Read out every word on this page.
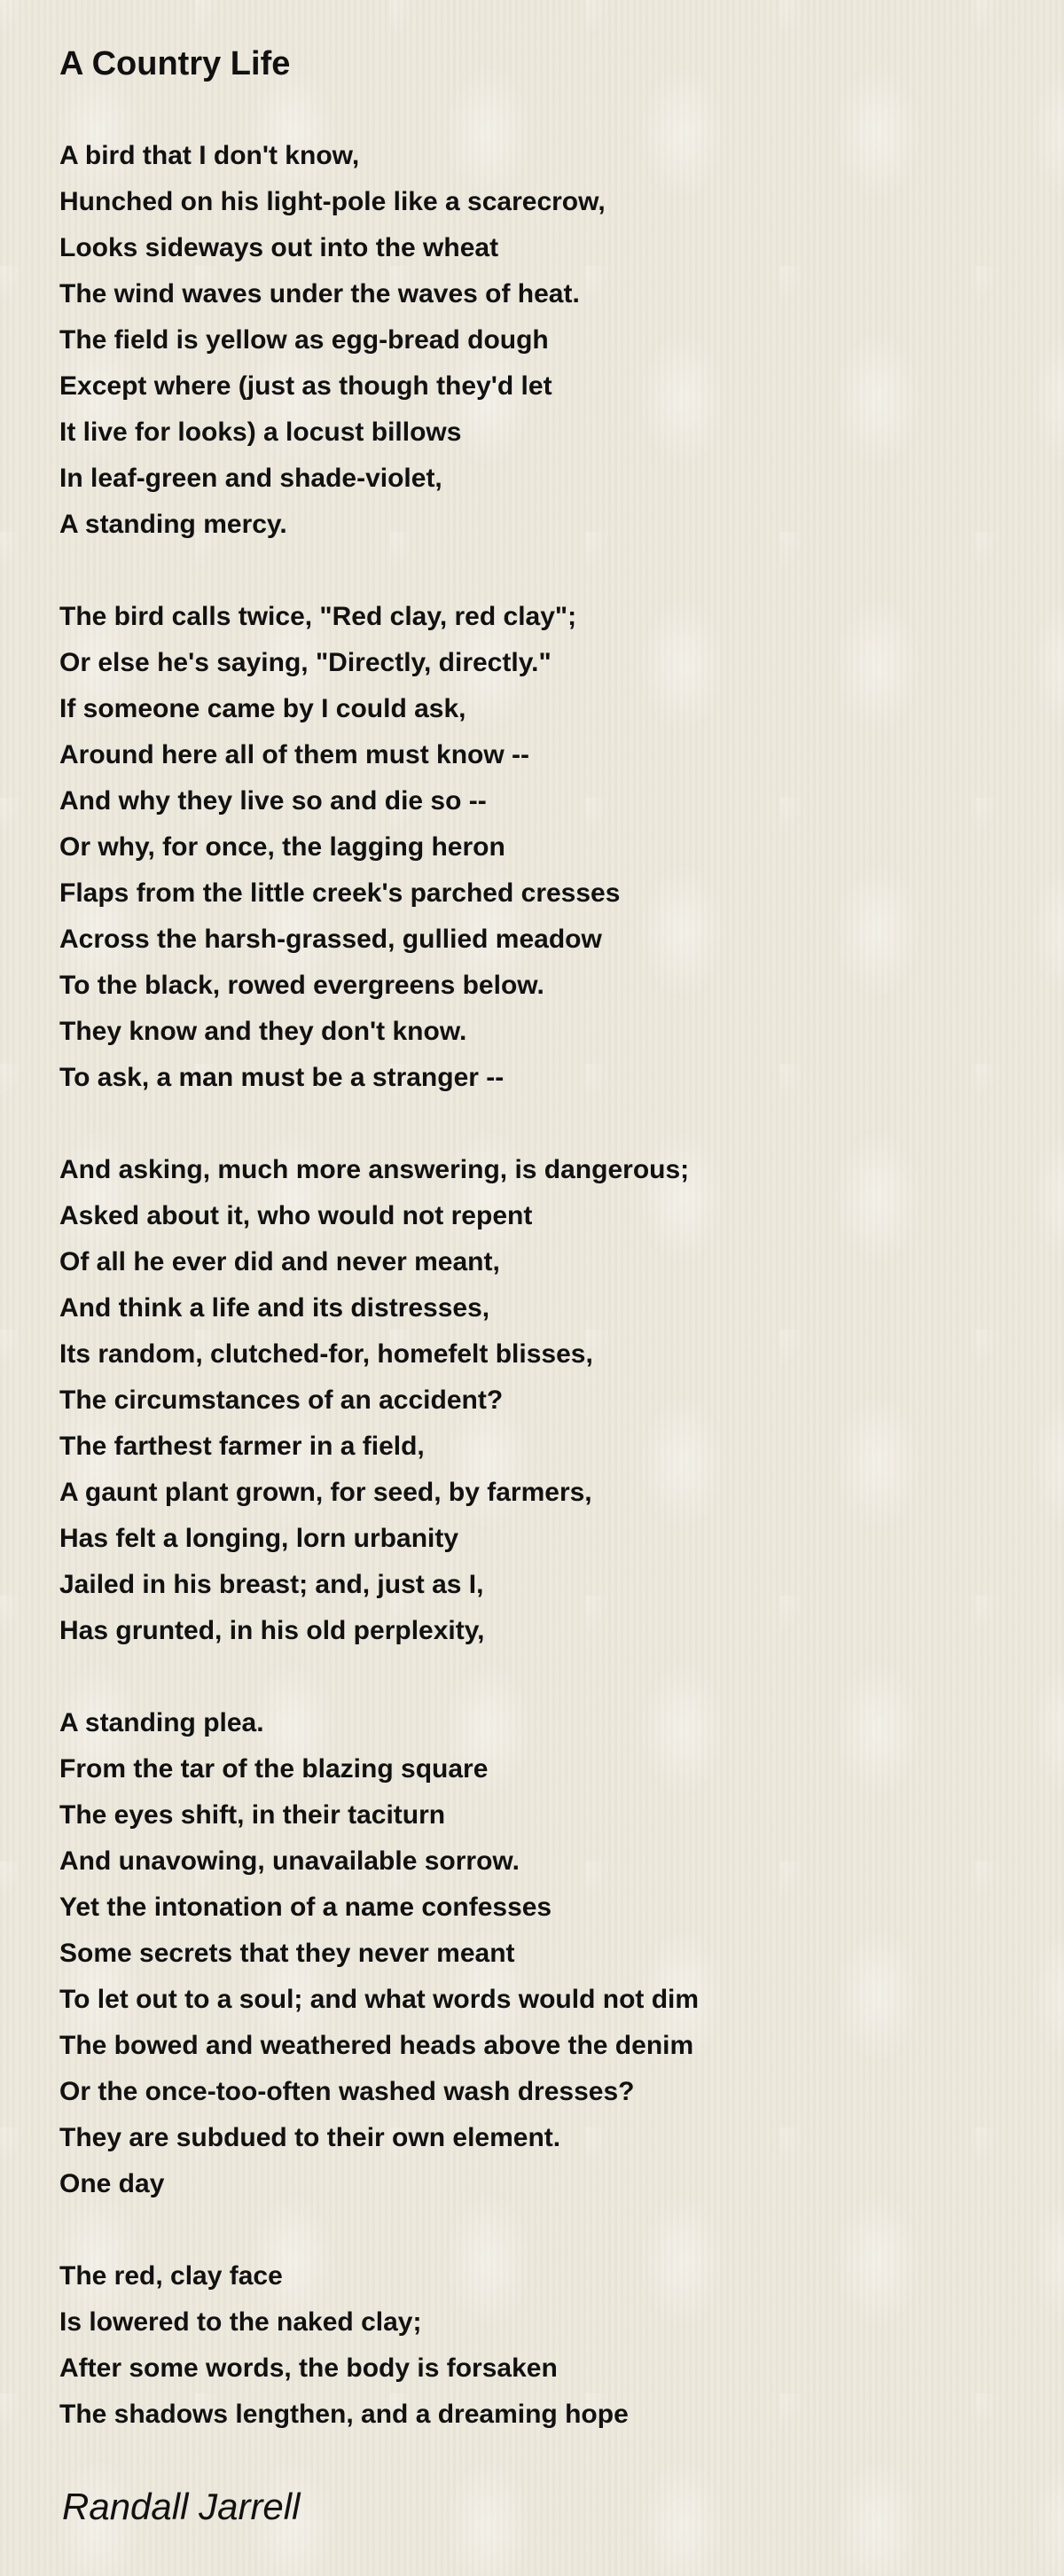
A Country Life
A bird that I don't know,
Hunched on his light-pole like a scarecrow,
Looks sideways out into the wheat
The wind waves under the waves of heat.
The field is yellow as egg-bread dough
Except where (just as though they'd let
It live for looks) a locust billows
In leaf-green and shade-violet,
A standing mercy.
The bird calls twice, "Red clay, red clay";
Or else he's saying, "Directly, directly."
If someone came by I could ask,
Around here all of them must know --
And why they live so and die so --
Or why, for once, the lagging heron
Flaps from the little creek's parched cresses
Across the harsh-grassed, gullied meadow
To the black, rowed evergreens below.
They know and they don't know.
To ask, a man must be a stranger --
And asking, much more answering, is dangerous;
Asked about it, who would not repent
Of all he ever did and never meant,
And think a life and its distresses,
Its random, clutched-for, homefelt blisses,
The circumstances of an accident?
The farthest farmer in a field,
A gaunt plant grown, for seed, by farmers,
Has felt a longing, lorn urbanity
Jailed in his breast; and, just as I,
Has grunted, in his old perplexity,
A standing plea.
From the tar of the blazing square
The eyes shift, in their taciturn
And unavowing, unavailable sorrow.
Yet the intonation of a name confesses
Some secrets that they never meant
To let out to a soul; and what words would not dim
The bowed and weathered heads above the denim
Or the once-too-often washed wash dresses?
They are subdued to their own element.
One day
The red, clay face
Is lowered to the naked clay;
After some words, the body is forsaken
The shadows lengthen, and a dreaming hope

Randall Jarrell
